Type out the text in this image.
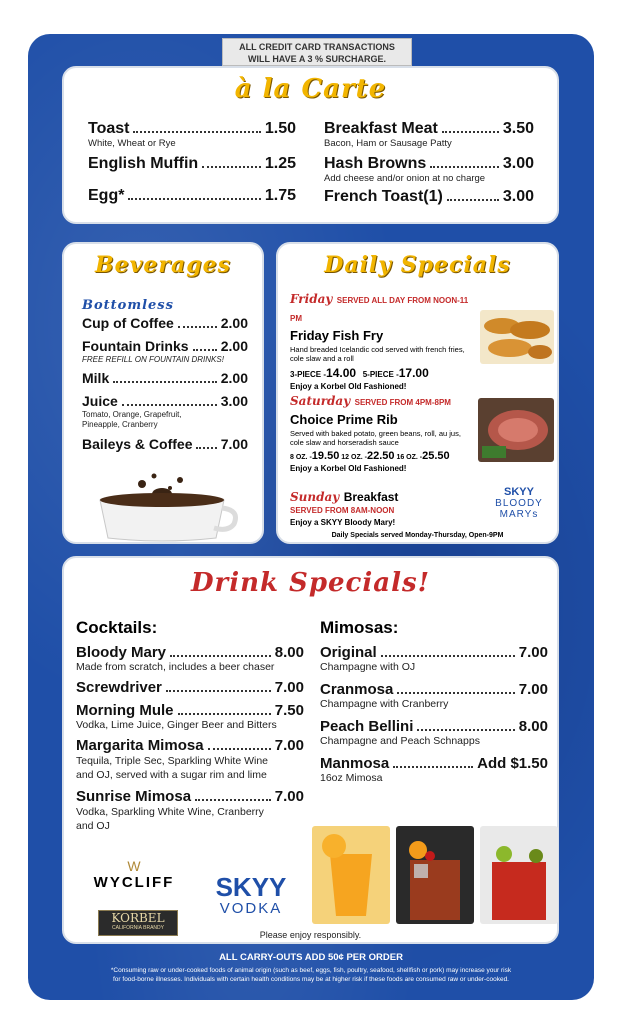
ALL CREDIT CARD TRANSACTIONS
WILL HAVE A 3 % SURCHARGE.
à la Carte
Toast	1.50
White, Wheat or Rye
English Muffin	1.25
Egg*	1.75
Breakfast Meat	3.50
Bacon, Ham or Sausage Patty
Hash Browns	3.00
Add cheese and/or onion at no charge
French Toast(1)	3.00
Beverages
Bottomless
Cup of Coffee	2.00
Fountain Drinks 2.00
FREE REFILL ON FOUNTAIN DRINKS!
Milk	2.00
Juice	3.00
Tomato, Orange, Grapefruit,
Pineapple, Cranberry
Baileys & Coffee 7.00
Daily Specials
Friday SERVED ALL DAY FROM NOON-11 PM
Friday Fish Fry
Hand breaded Icelandic cod served with french fries,
cole slaw and a roll
3-PIECE -14.00 5-PIECE -17.00
Enjoy a Korbel Old Fashioned!
Saturday SERVED FROM 4PM-8PM
Choice Prime Rib
Served with baked potato, green beans, roll, au jus,
cole slaw and horseradish sauce
8 OZ. -19.50 12 OZ. -22.50 16 OZ. -25.50
Enjoy a Korbel Old Fashioned!
Sunday Breakfast
SERVED FROM 8AM-NOON
Enjoy a SKYY Bloody Mary!
SKYY
BLOODY MARYs
Daily Specials served Monday-Thursday, Open-9PM
Drink Specials!
Cocktails:
Bloody Mary	8.00
Made from scratch, includes a beer chaser
Screwdriver	7.00
Morning Mule	7.50
Vodka, Lime Juice, Ginger Beer and Bitters
Margarita Mimosa	7.00
Tequila, Triple Sec, Sparkling White Wine
and OJ, served with a sugar rim and lime
Sunrise Mimosa	7.00
Vodka, Sparkling White Wine, Cranberry
and OJ
Mimosas:
Original	7.00
Champagne with OJ
Cranmosa	7.00
Champagne with Cranberry
Peach Bellini	8.00
Champagne and Peach Schnapps
Manmosa	Add $1.50
16oz Mimosa
W
WYCLIFF
KORBEL
CALIFORNIA BRANDY
SKYY
VODKA
Please enjoy responsibly.
ALL CARRY-OUTS ADD 50¢ PER ORDER
*Consuming raw or under-cooked foods of animal origin (such as beef, eggs, fish, poultry, seafood, shellfish or pork) may increase your risk
for food-borne illnesses. Individuals with certain health conditions may be at higher risk if these foods are consumed raw or under-cooked.
